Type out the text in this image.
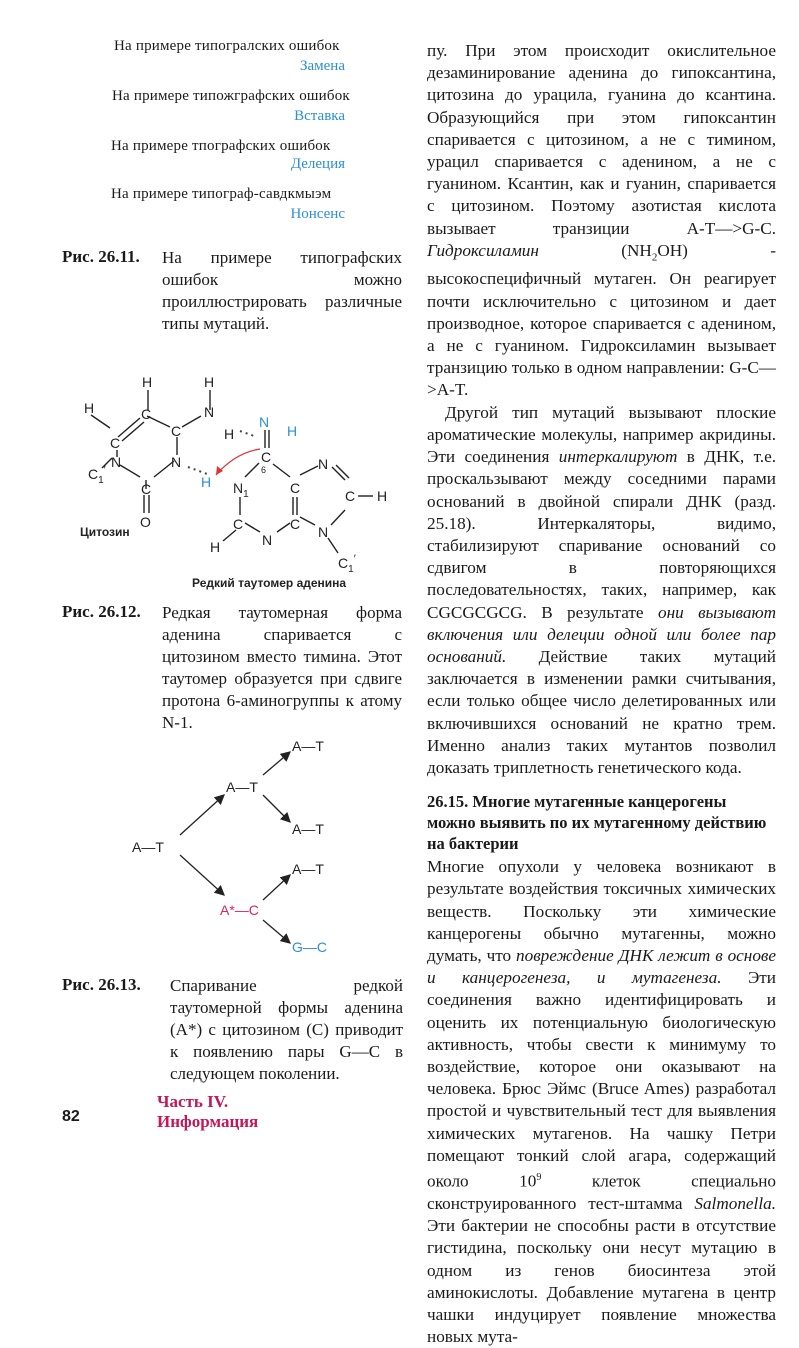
На примере типогралских ошибок
Замена
На примере типожграфских ошибок
Вставка
На примере тпографских ошибок
Делеция
На примере типограф-савдкмыэм
Нонсенс
Рис. 26.11. На примере типографских ошибок можно проиллюстрировать различные типы мутаций.
H	H
H
C
C
C
N
H
N
C
N
O
$C_1'$
N
H
C
6
H $N_1$	C
C
N
C
N
C H
N
H
$C_1'$
Цитозин
Редкий таутомер аденина
Рис. 26.12. Редкая таутомерная форма аденина спаривается с цитозином вместо тимина. Этот таутомер образуется при сдвиге протона 6-аминогруппы к атому N-1.
A—T
A—T
A—T
A—T
A*—C
A—T
G—C
Рис. 26.13. Спаривание редкой таутомерной формы аденина (A*) с цитозином (C) приводит к появлению пары G—C в следующем поколении.
82
Часть IV.
Информация

пу. При этом происходит окислительное дезаминирование аденина до гипоксантина, цитозина до урацила, гуанина до ксантина. Образующийся при этом гипоксантин спаривается с цитозином, а не с тимином, урацил спаривается с аденином, а не с гуанином. Ксантин, как и гуанин, спаривается с цитозином. Поэтому азотистая кислота вызывает транзиции A-T—>G-C. Гидроксиламин	$(NH_2OH)$ - высокоспецифичный мутаген. Он реагирует почти исключительно с цитозином и дает производное, которое спаривается с аденином, а не с гуанином. Гидроксиламин вызывает транзицию только в одном направлении: G-C—>A-T.

Другой тип мутаций вызывают плоские ароматические молекулы, например акридины. Эти соединения интеркалируют в ДНК, т.е. проскальзывают между соседними парами оснований в двойной спирали ДНК (разд. 25.18). Интеркаляторы, видимо, стабилизируют спаривание оснований со сдвигом в повторяющихся последовательностях, таких, например, как CGCGCGCG. В результате они вызывают включения или делеции одной или более пар оснований. Действие таких мутаций заключается в изменении рамки считывания, если только общее число делетированных или включившихся оснований не кратно трем. Именно анализ таких мутантов позволил доказать триплетность генетического кода.

26.15. Многие мутагенные канцерогены можно выявить по их мутагенному действию на бактерии

Многие опухоли у человека возникают в результате воздействия токсичных химических веществ. Поскольку эти химические канцерогены обычно мутагенны, можно думать, что повреждение ДНК лежит в основе и канцерогенеза, и мутагенеза. Эти соединения важно идентифицировать и оценить их потенциальную биологическую активность, чтобы свести к минимуму то воздействие, которое они оказывают на человека. Брюс Эймс (Bruce Ames) разработал простой и чувствительный тест для выявления химических мутагенов. На чашку Петри помещают тонкий слой агара, содержащий около $10^9$	клеток специально сконструированного тест-штамма Salmonella. Эти бактерии не способны расти в отсутствие гистидина, поскольку они несут мутацию в одном из генов биосинтеза этой аминокислоты. Добавление мутагена в центр чашки индуцирует появление множества новых мута-
